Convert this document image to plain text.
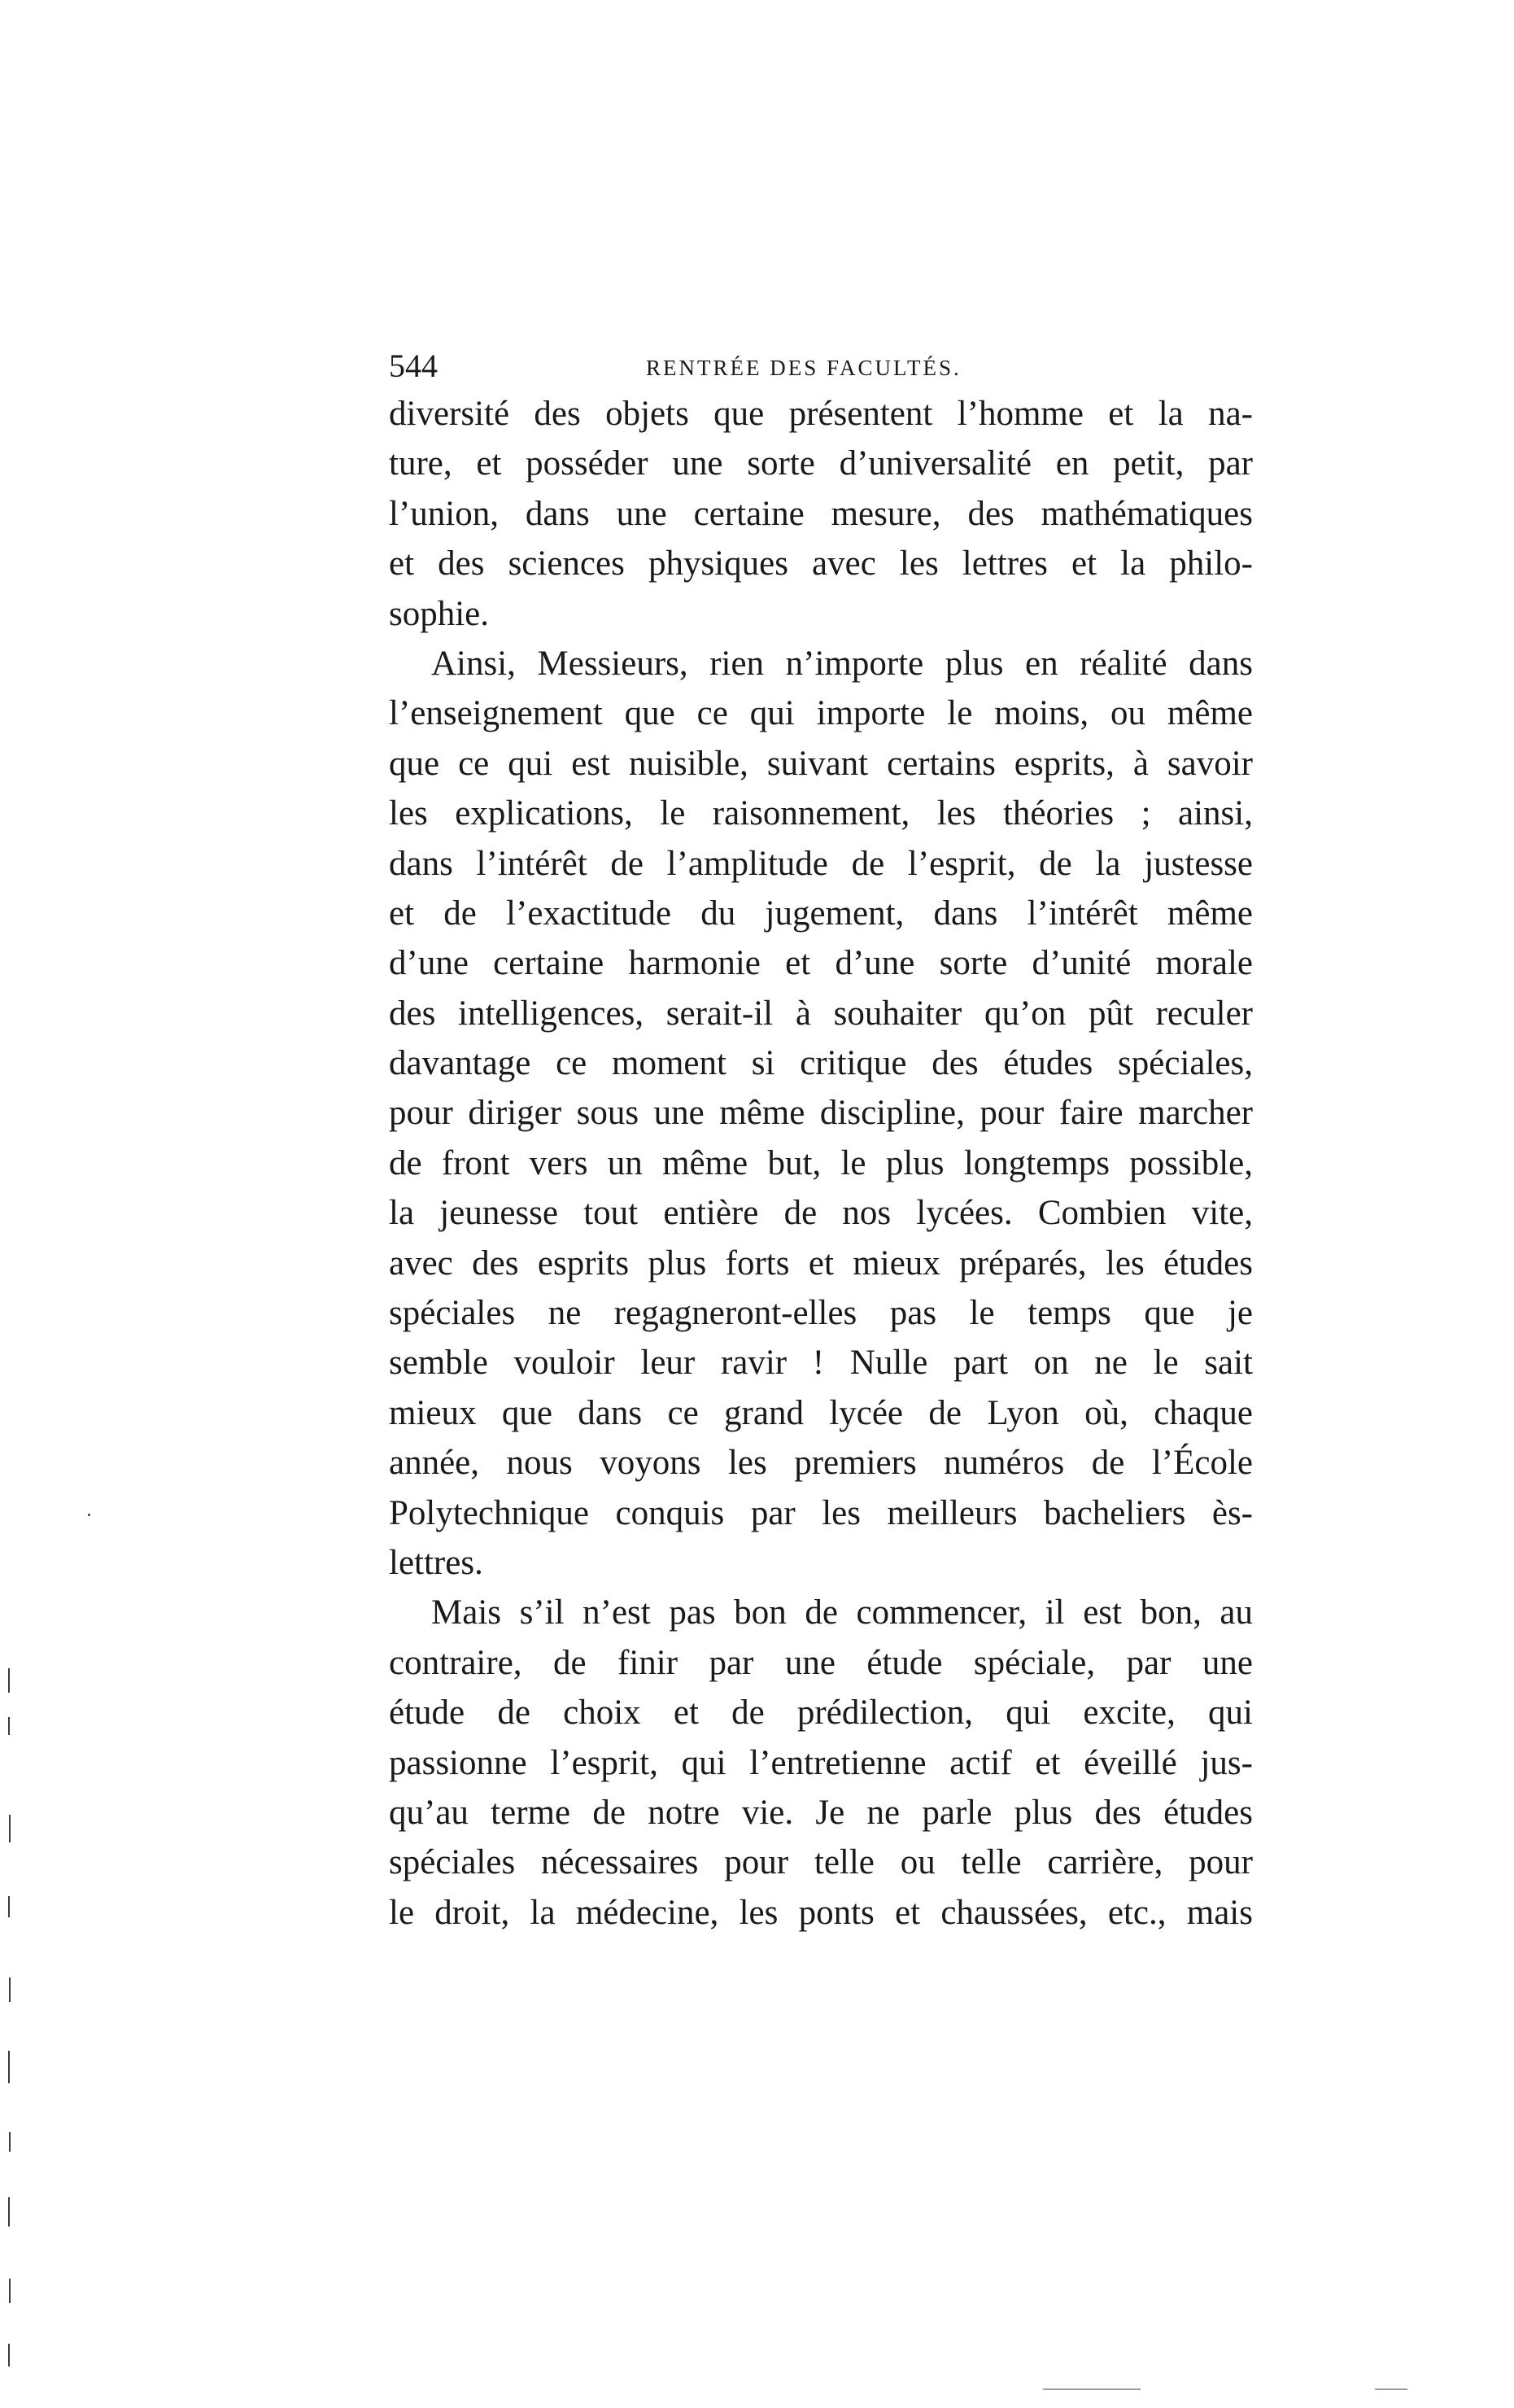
544	RENTRÉE DES FACULTÉS.
diversité des objets que présentent l’homme et la na-
ture, et posséder une sorte d’universalité en petit, par
l’union, dans une certaine mesure, des mathématiques
et des sciences physiques avec les lettres et la philo-
sophie.
Ainsi, Messieurs, rien n’importe plus en réalité dans
l’enseignement que ce qui importe le moins, ou même
que ce qui est nuisible, suivant certains esprits, à savoir
les explications, le raisonnement, les théories ; ainsi,
dans l’intérêt de l’amplitude de l’esprit, de la justesse
et de l’exactitude du jugement, dans l’intérêt même
d’une certaine harmonie et d’une sorte d’unité morale
des intelligences, serait-il à souhaiter qu’on pût reculer
davantage ce moment si critique des études spéciales,
pour diriger sous une même discipline, pour faire marcher
de front vers un même but, le plus longtemps possible,
la jeunesse tout entière de nos lycées. Combien vite,
avec des esprits plus forts et mieux préparés, les études
spéciales ne regagneront-elles pas le temps que je
semble vouloir leur ravir ! Nulle part on ne le sait
mieux que dans ce grand lycée de Lyon où, chaque
année, nous voyons les premiers numéros de l’École
Polytechnique conquis par les meilleurs bacheliers ès-
lettres.
Mais s’il n’est pas bon de commencer, il est bon, au
contraire, de finir par une étude spéciale, par une
étude de choix et de prédilection, qui excite, qui
passionne l’esprit, qui l’entretienne actif et éveillé jus-
qu’au terme de notre vie. Je ne parle plus des études
spéciales nécessaires pour telle ou telle carrière, pour
le droit, la médecine, les ponts et chaussées, etc., mais
